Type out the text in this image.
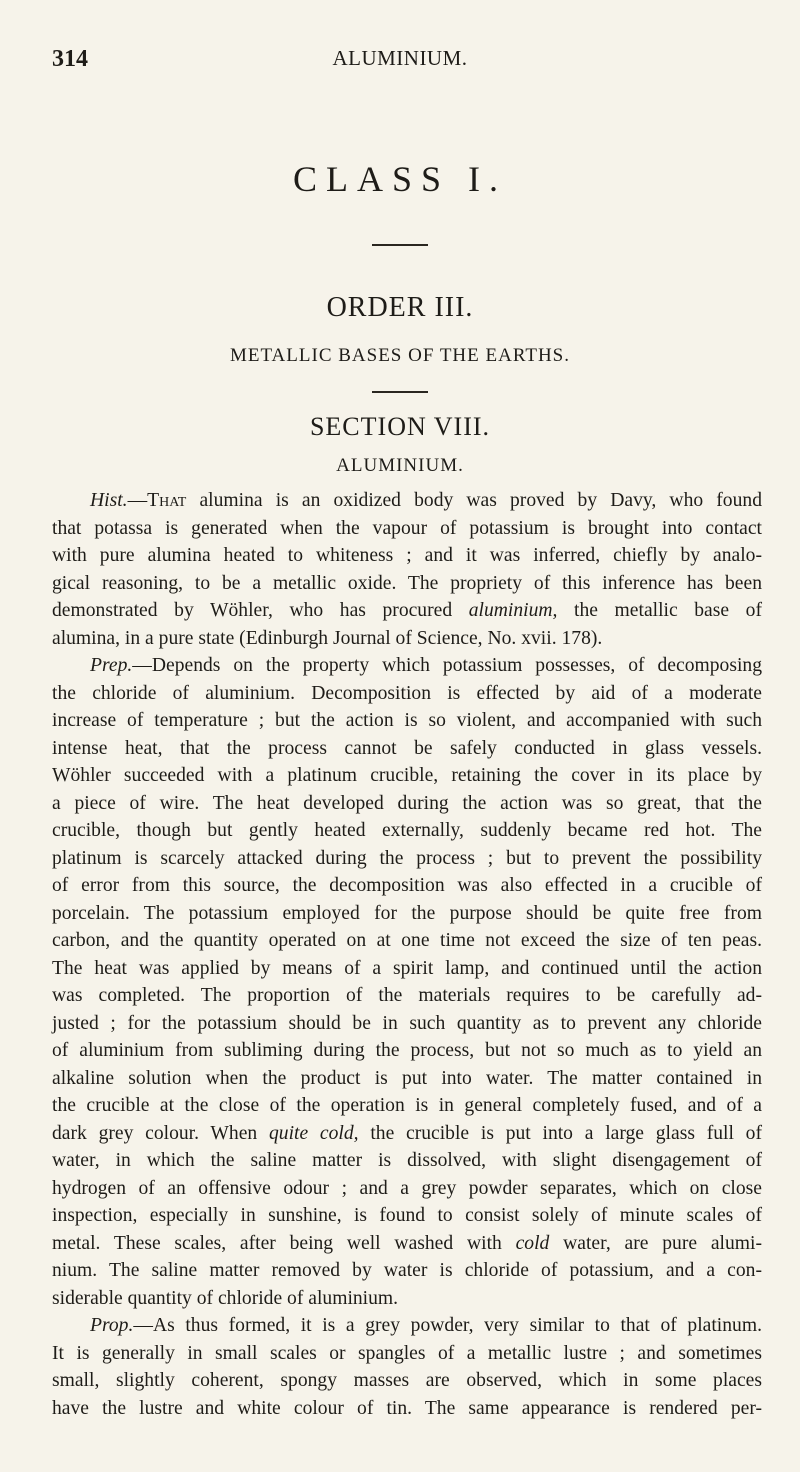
314	ALUMINIUM.
CLASS I.
ORDER III.
METALLIC BASES OF THE EARTHS.
SECTION VIII.
ALUMINIUM.
Hist.—That alumina is an oxidized body was proved by Davy, who found
that potassa is generated when the vapour of potassium is brought into contact
with pure alumina heated to whiteness ; and it was inferred, chiefly by analo-
gical reasoning, to be a metallic oxide. The propriety of this inference has been
demonstrated by Wöhler, who has procured aluminium, the metallic base of
alumina, in a pure state (Edinburgh Journal of Science, No. xvii. 178).
Prep.—Depends on the property which potassium possesses, of decomposing
the chloride of aluminium. Decomposition is effected by aid of a moderate
increase of temperature ; but the action is so violent, and accompanied with such
intense heat, that the process cannot be safely conducted in glass vessels.
Wöhler succeeded with a platinum crucible, retaining the cover in its place by
a piece of wire. The heat developed during the action was so great, that the
crucible, though but gently heated externally, suddenly became red hot. The
platinum is scarcely attacked during the process ; but to prevent the possibility
of error from this source, the decomposition was also effected in a crucible of
porcelain. The potassium employed for the purpose should be quite free from
carbon, and the quantity operated on at one time not exceed the size of ten peas.
The heat was applied by means of a spirit lamp, and continued until the action
was completed. The proportion of the materials requires to be carefully ad-
justed ; for the potassium should be in such quantity as to prevent any chloride
of aluminium from subliming during the process, but not so much as to yield an
alkaline solution when the product is put into water. The matter contained in
the crucible at the close of the operation is in general completely fused, and of a
dark grey colour. When quite cold, the crucible is put into a large glass full of
water, in which the saline matter is dissolved, with slight disengagement of
hydrogen of an offensive odour ; and a grey powder separates, which on close
inspection, especially in sunshine, is found to consist solely of minute scales of
metal. These scales, after being well washed with cold water, are pure alumi-
nium. The saline matter removed by water is chloride of potassium, and a con-
siderable quantity of chloride of aluminium.
Prop.—As thus formed, it is a grey powder, very similar to that of platinum.
It is generally in small scales or spangles of a metallic lustre ; and sometimes
small, slightly coherent, spongy masses are observed, which in some places
have the lustre and white colour of tin. The same appearance is rendered per-
